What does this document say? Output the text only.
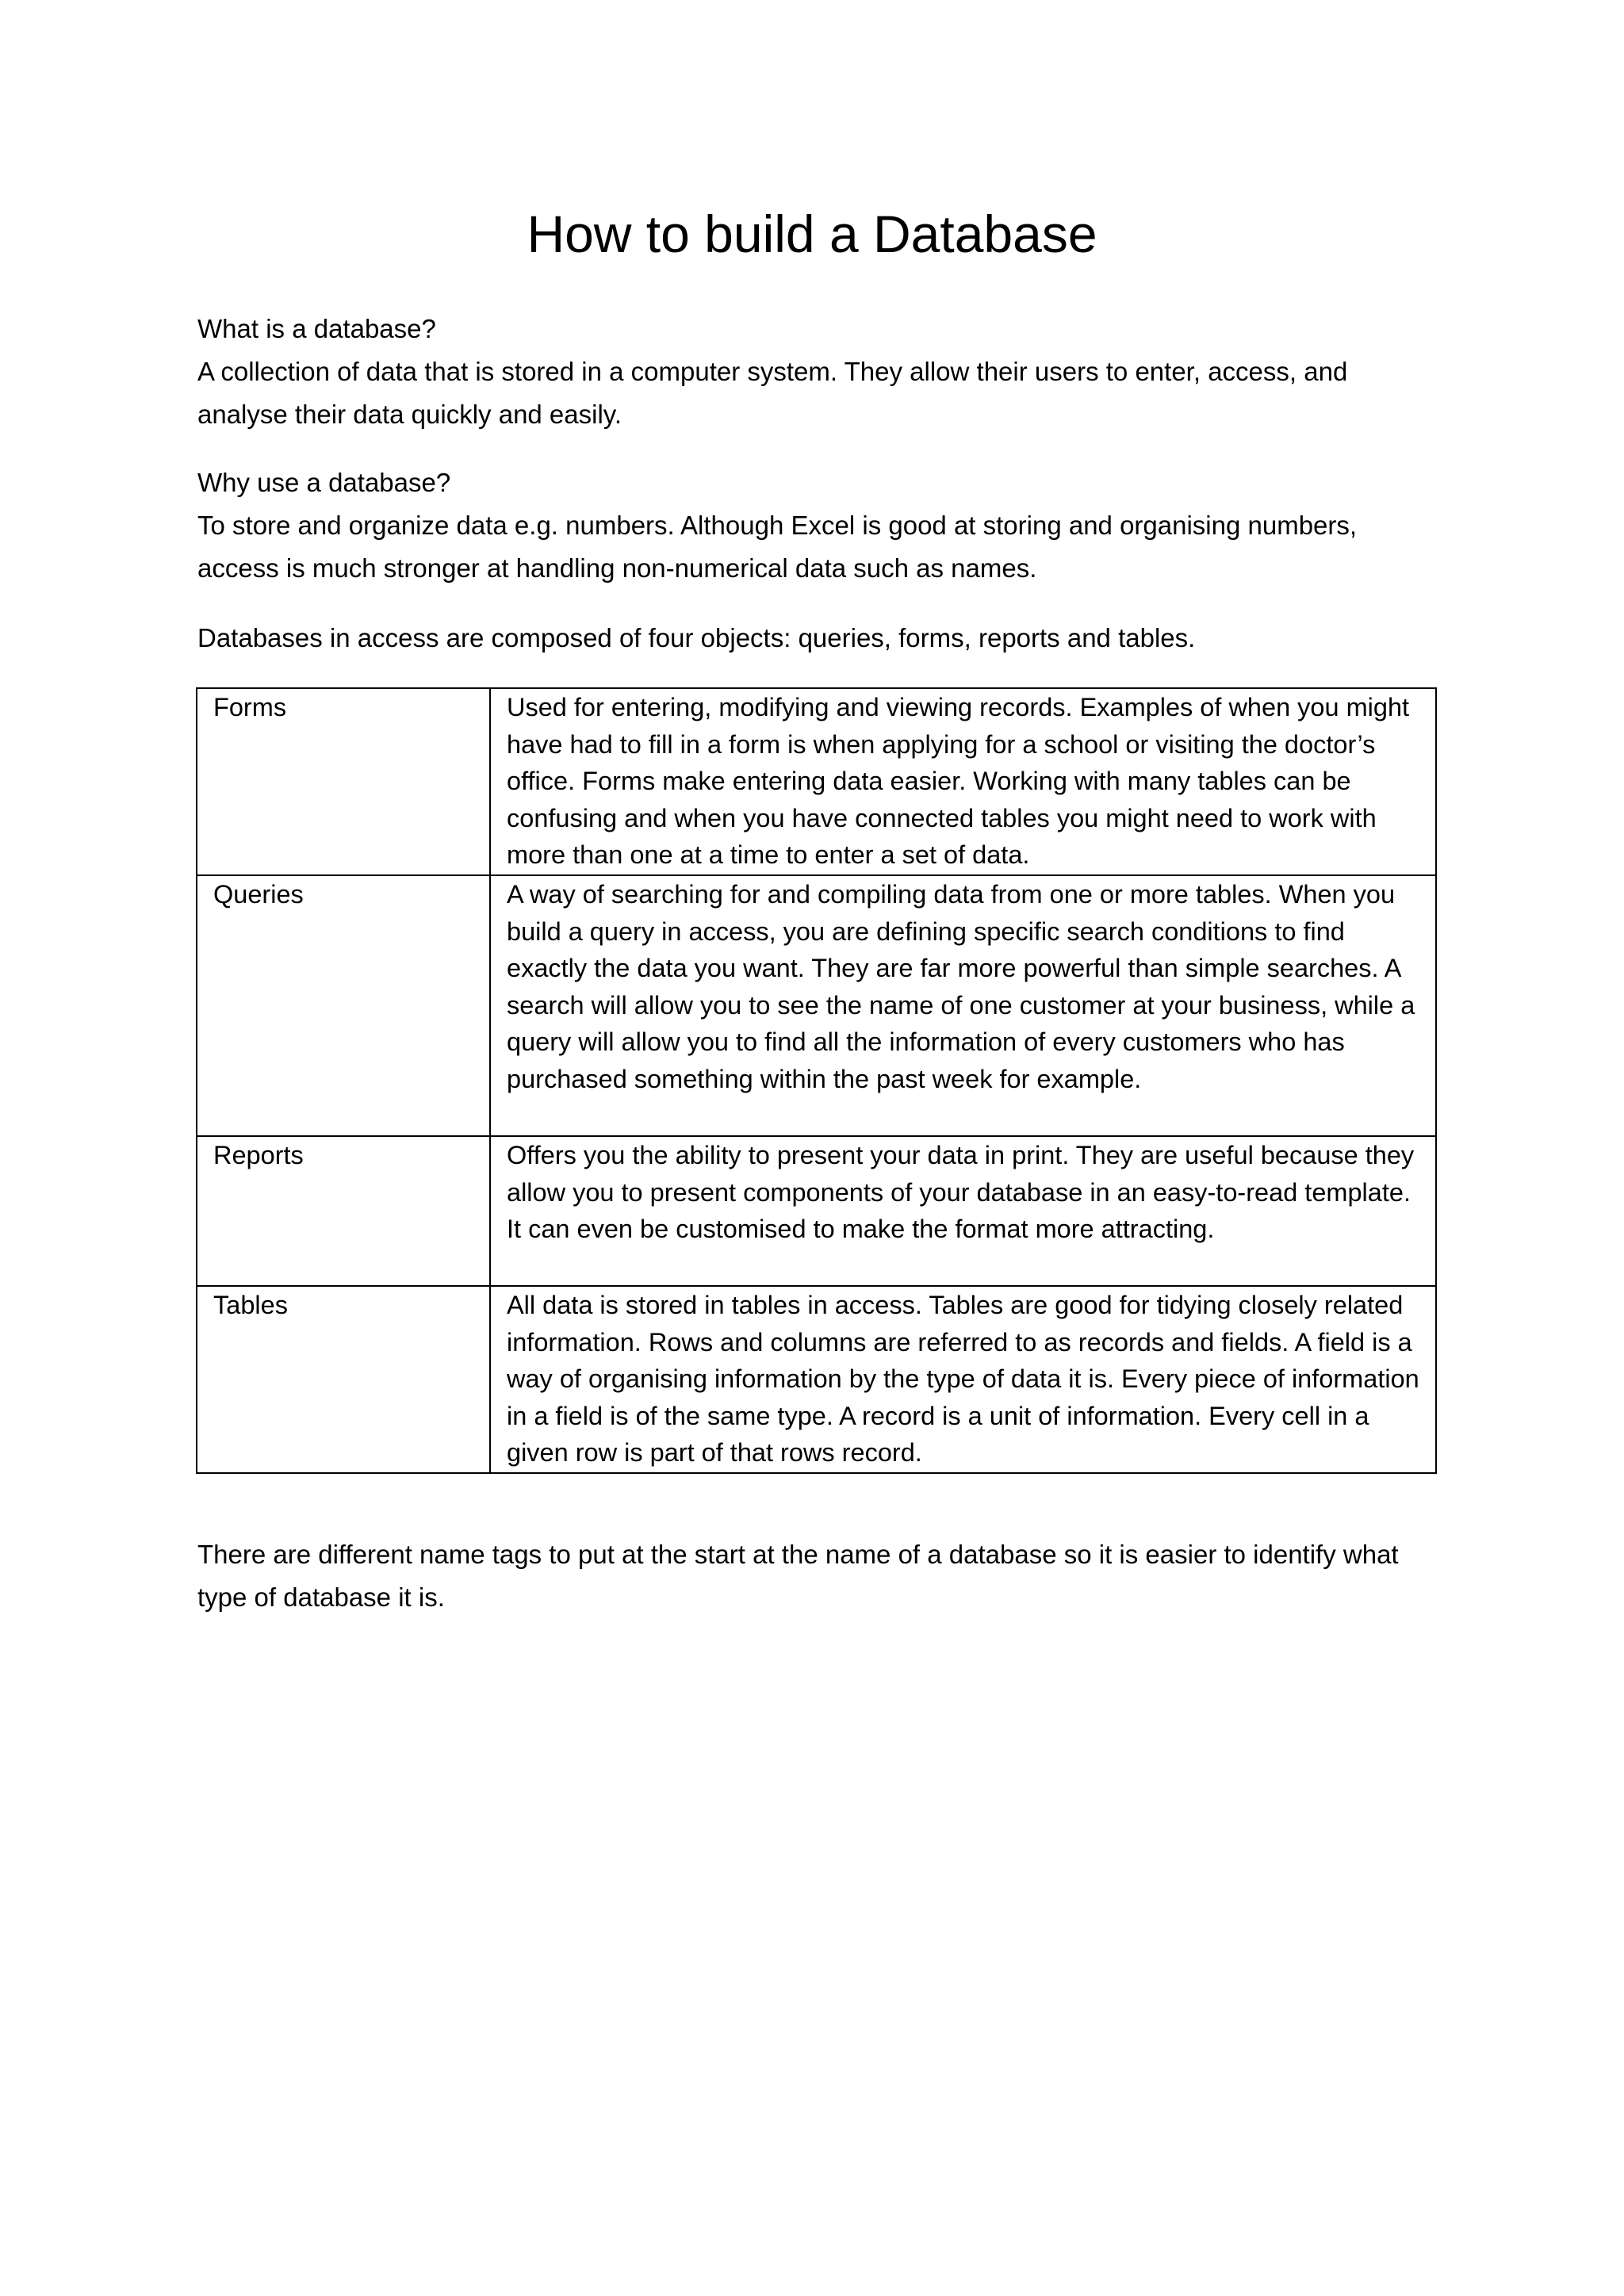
How to build a Database

What is a database?

A collection of data that is stored in a computer system. They allow their users to enter, access, and analyse their data quickly and easily.

Why use a database?

To store and organize data e.g. numbers. Although Excel is good at storing and organising numbers, access is much stronger at handling non-numerical data such as names.

Databases in access are composed of four objects: queries, forms, reports and tables.

Forms	Used for entering, modifying and viewing records. Examples of when you might have had to fill in a form is when applying for a school or visiting the doctor’s office. Forms make entering data easier. Working with many tables can be confusing and when you have connected tables you might need to work with more than one at a time to enter a set of data.
Queries	A way of searching for and compiling data from one or more tables. When you build a query in access, you are defining specific search conditions to find exactly the data you want. They are far more powerful than simple searches. A search will allow you to see the name of one customer at your business, while a query will allow you to find all the information of every customers who has purchased something within the past week for example.
Reports	Offers you the ability to present your data in print. They are useful because they allow you to present components of your database in an easy-to-read template. It can even be customised to make the format more attracting.
Tables	All data is stored in tables in access. Tables are good for tidying closely related information. Rows and columns are referred to as records and fields. A field is a way of organising information by the type of data it is. Every piece of information in a field is of the same type. A record is a unit of information. Every cell in a given row is part of that rows record.

There are different name tags to put at the start at the name of a database so it is easier to identify what type of database it is.
